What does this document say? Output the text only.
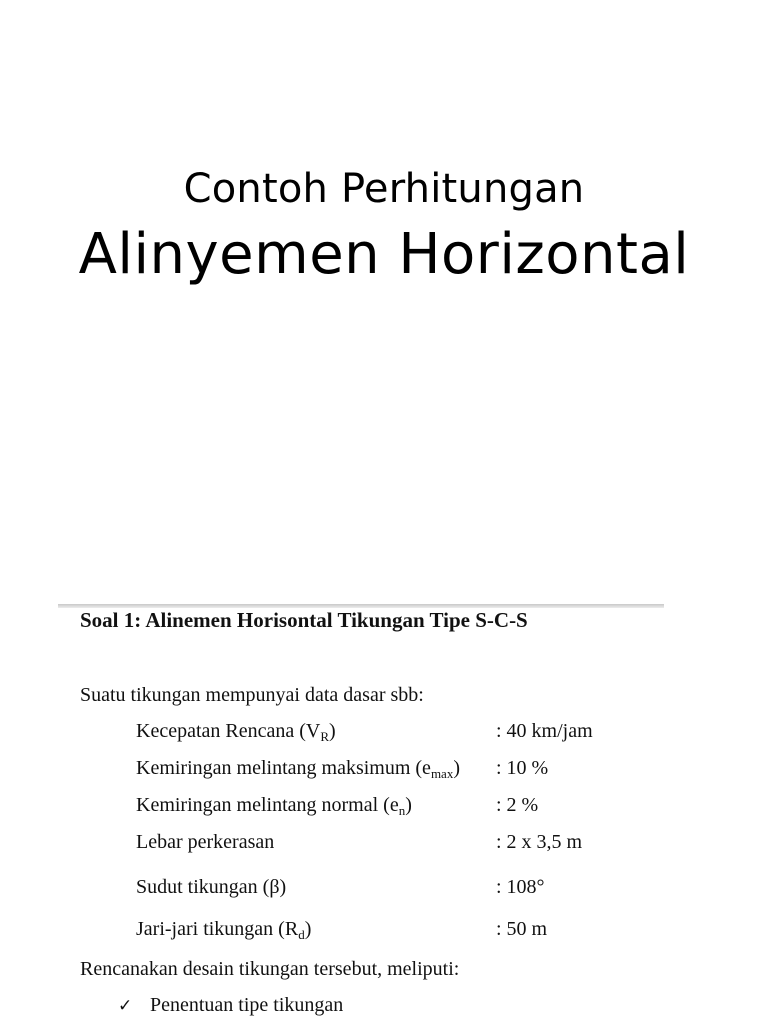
Contoh Perhitungan
Alinyemen Horizontal
Soal 1: Alinemen Horisontal Tikungan Tipe S-C-S
Suatu tikungan mempunyai data dasar sbb:
Kecepatan Rencana $(V_R)$	: 40 km/jam
Kemiringan melintang maksimum $(e_{max})$ : 10 %
Kemiringan melintang normal $(e_n)$	: 2 %
Lebar perkerasan	: 2 x 3,5 m
Sudut tikungan (β)	: 108°
Jari-jari tikungan $(R_d)$	: 50 m
Rencanakan desain tikungan tersebut, meliputi:
✓ Penentuan tipe tikungan
